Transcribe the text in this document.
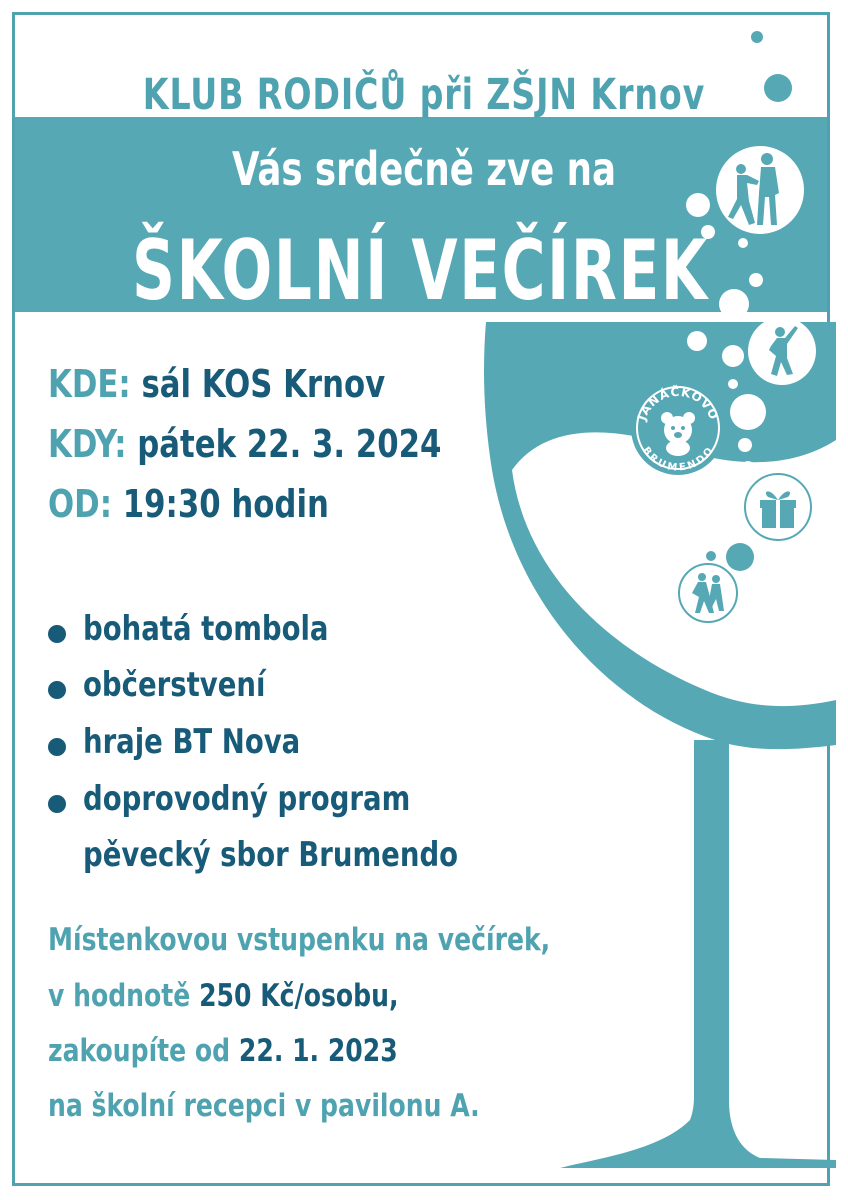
JANÁČKOVO
BRUMENDO
KLUB RODIČŮ při ZŠJN Krnov
Vás srdečně zve na
ŠKOLNÍ VEČÍREK
KDE: sál KOS Krnov
KDY: pátek 22. 3. 2024
OD: 19:30 hodin
bohatá tombola
občerstvení
hraje BT Nova
doprovodný program
pěvecký sbor Brumendo
Místenkovou vstupenku na večírek,
v hodnotě 250 Kč/osobu,
zakoupíte od 22. 1. 2023
na školní recepci v pavilonu A.
